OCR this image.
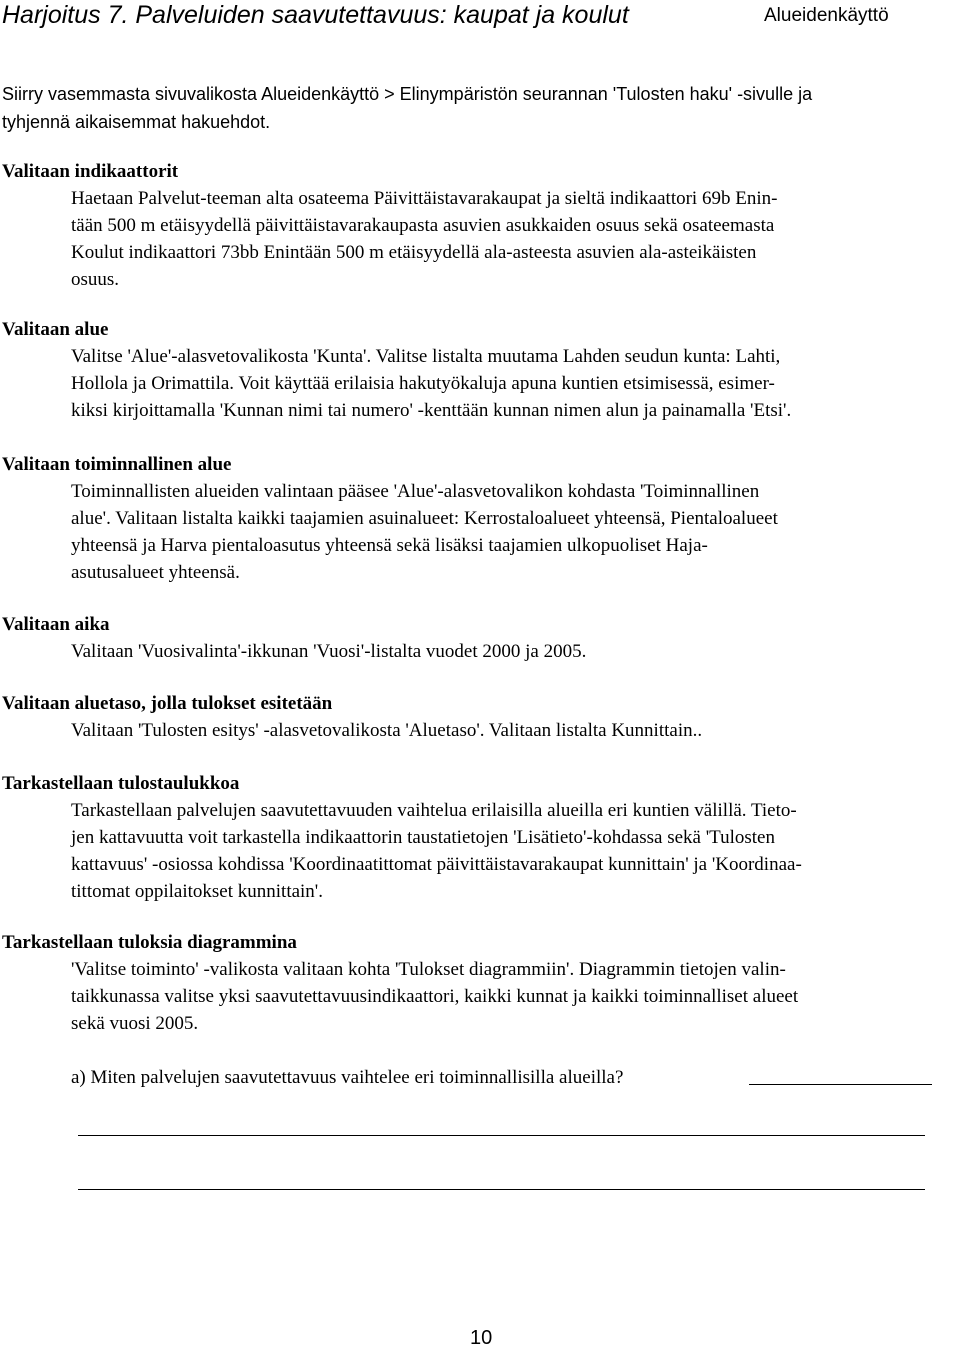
Harjoitus 7. Palveluiden saavutettavuus: kaupat ja koulut	Alueidenkäyttö
Siirry vasemmasta sivuvalikosta Alueidenkäyttö > Elinympäristön seurannan 'Tulosten haku' -sivulle ja
tyhjennä aikaisemmat hakuehdot.
Valitaan indikaattorit
Haetaan Palvelut-teeman alta osateema Päivittäistavarakaupat ja sieltä indikaattori 69b Enin-
tään 500 m etäisyydellä päivittäistavarakaupasta asuvien asukkaiden osuus sekä osateemasta
Koulut indikaattori 73bb Enintään 500 m etäisyydellä ala-asteesta asuvien ala-asteikäisten
osuus.
Valitaan alue
Valitse 'Alue'-alasvetovalikosta 'Kunta'. Valitse listalta muutama Lahden seudun kunta: Lahti,
Hollola ja Orimattila. Voit käyttää erilaisia hakutyökaluja apuna kuntien etsimisessä, esimer-
kiksi kirjoittamalla 'Kunnan nimi tai numero' -kenttään kunnan nimen alun ja painamalla 'Etsi'.
Valitaan toiminnallinen alue
Toiminnallisten alueiden valintaan pääsee 'Alue'-alasvetovalikon kohdasta 'Toiminnallinen
alue'. Valitaan listalta kaikki taajamien asuinalueet: Kerrostaloalueet yhteensä, Pientaloalueet
yhteensä ja Harva pientaloasutus yhteensä sekä lisäksi taajamien ulkopuoliset Haja-
asutusalueet yhteensä.
Valitaan aika
Valitaan 'Vuosivalinta'-ikkunan 'Vuosi'-listalta vuodet 2000 ja 2005.
Valitaan aluetaso, jolla tulokset esitetään
Valitaan 'Tulosten esitys' -alasvetovalikosta 'Aluetaso'. Valitaan listalta Kunnittain..
Tarkastellaan tulostaulukkoa
Tarkastellaan palvelujen saavutettavuuden vaihtelua erilaisilla alueilla eri kuntien välillä. Tieto-
jen kattavuutta voit tarkastella indikaattorin taustatietojen 'Lisätieto'-kohdassa sekä 'Tulosten
kattavuus' -osiossa kohdissa 'Koordinaatittomat päivittäistavarakaupat kunnittain' ja 'Koordinaa-
tittomat oppilaitokset kunnittain'.
Tarkastellaan tuloksia diagrammina
'Valitse toiminto' -valikosta valitaan kohta 'Tulokset diagrammiin'. Diagrammin tietojen valin-
taikkunassa valitse yksi saavutettavuusindikaattori, kaikki kunnat ja kaikki toiminnalliset alueet
sekä vuosi 2005.
a) Miten palvelujen saavutettavuus vaihtelee eri toiminnallisilla alueilla?
10
